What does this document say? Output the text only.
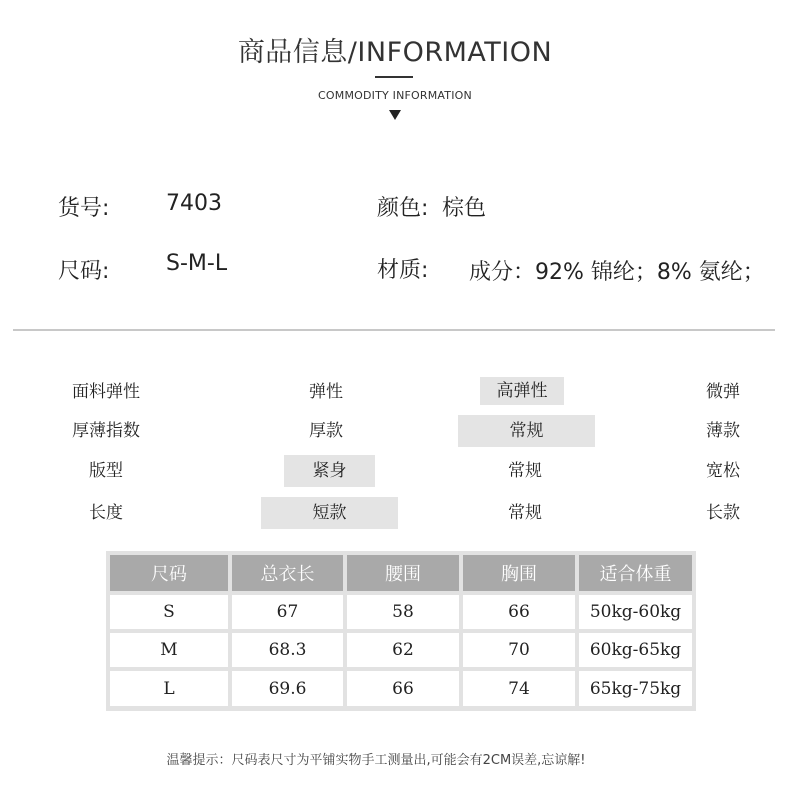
商品信息/INFORMATION
COMMODITY INFORMATION
货号:	7403	颜色: 棕色
尺码:	S-M-L	材质: 成分：92% 锦纶；8% 氨纶；
面料弹性	弹性	高弹性	微弹
厚薄指数	厚款	常规	薄款
版型	紧身	常规	宽松
长度	短款	常规	长款
尺码	总衣长	腰围	胸围	适合体重
S	67	58	66	50kg-60kg
M	68.3	62	70	60kg-65kg
L	69.6	66	74	65kg-75kg
温馨提示：尺码表尺寸为平铺实物手工测量出,可能会有2CM误差,忘谅解!
